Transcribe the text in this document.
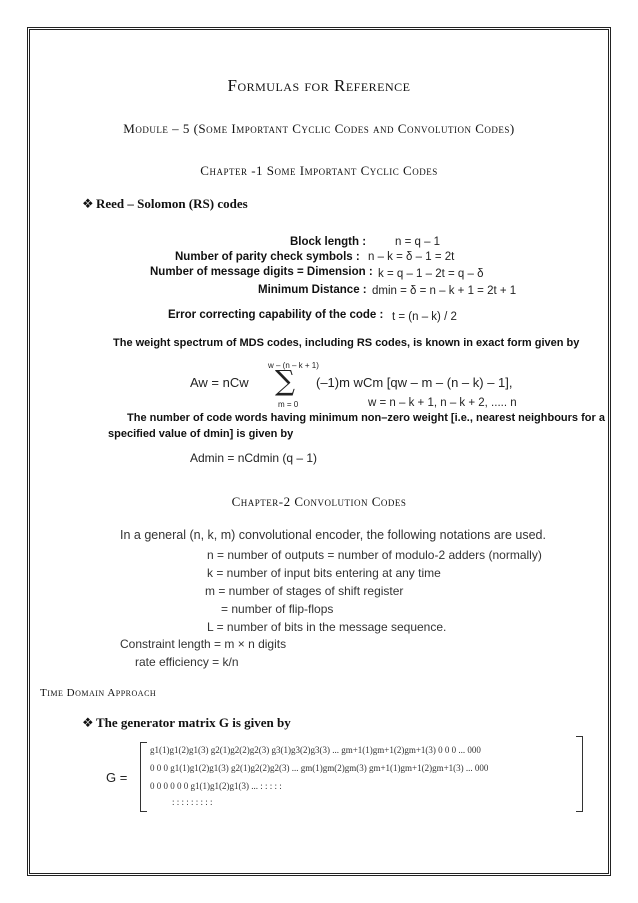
Formulas for Reference
Module – 5 (Some Important Cyclic Codes and Convolution Codes)
Chapter -1 Some Important Cyclic Codes
❖ Reed – Solomon (RS) codes
Block length :	n = q – 1
Number of parity check symbols : n – k = δ – 1 = 2t
Number of message digits = Dimension : k = q – 1 – 2t = q – δ
Minimum Distance : dmin = δ = n – k + 1 = 2t + 1
Error correcting capability of the code : t = (n – k) / 2
The weight spectrum of MDS codes, including RS codes, is known in exact form given by
Aw = nCw
w – (n – k + 1)
∑
m = 0
(–1)m wCm [qw – m – (n – k) – 1],
w = n – k + 1, n – k + 2, ..... n
The number of code words having minimum non–zero weight [i.e., nearest neighbours for a
specified value of dmin] is given by
Admin = nCdmin (q – 1)
Chapter-2 Convolution Codes
In a general (n, k, m) convolutional encoder, the following notations are used.
n = number of outputs = number of modulo-2 adders (normally)
k = number of input bits entering at any time
m = number of stages of shift register
= number of flip-flops
L = number of bits in the message sequence.
Constraint length = m × n digits
rate efficiency = k/n
Time Domain Approach
❖ The generator matrix G is given by
G =
g1(1)g1(2)g1(3) g2(1)g2(2)g2(3) g3(1)g3(2)g3(3) ... gm+1(1)gm+1(2)gm+1(3) 0 0 0 ... 000
0 0 0 g1(1)g1(2)g1(3) g2(1)g2(2)g2(3) ... gm(1)gm(2)gm(3) gm+1(1)gm+1(2)gm+1(3) ... 000
0 0 0 0 0 0 g1(1)g1(2)g1(3) ... : : : : :
: : : : : : : : :
